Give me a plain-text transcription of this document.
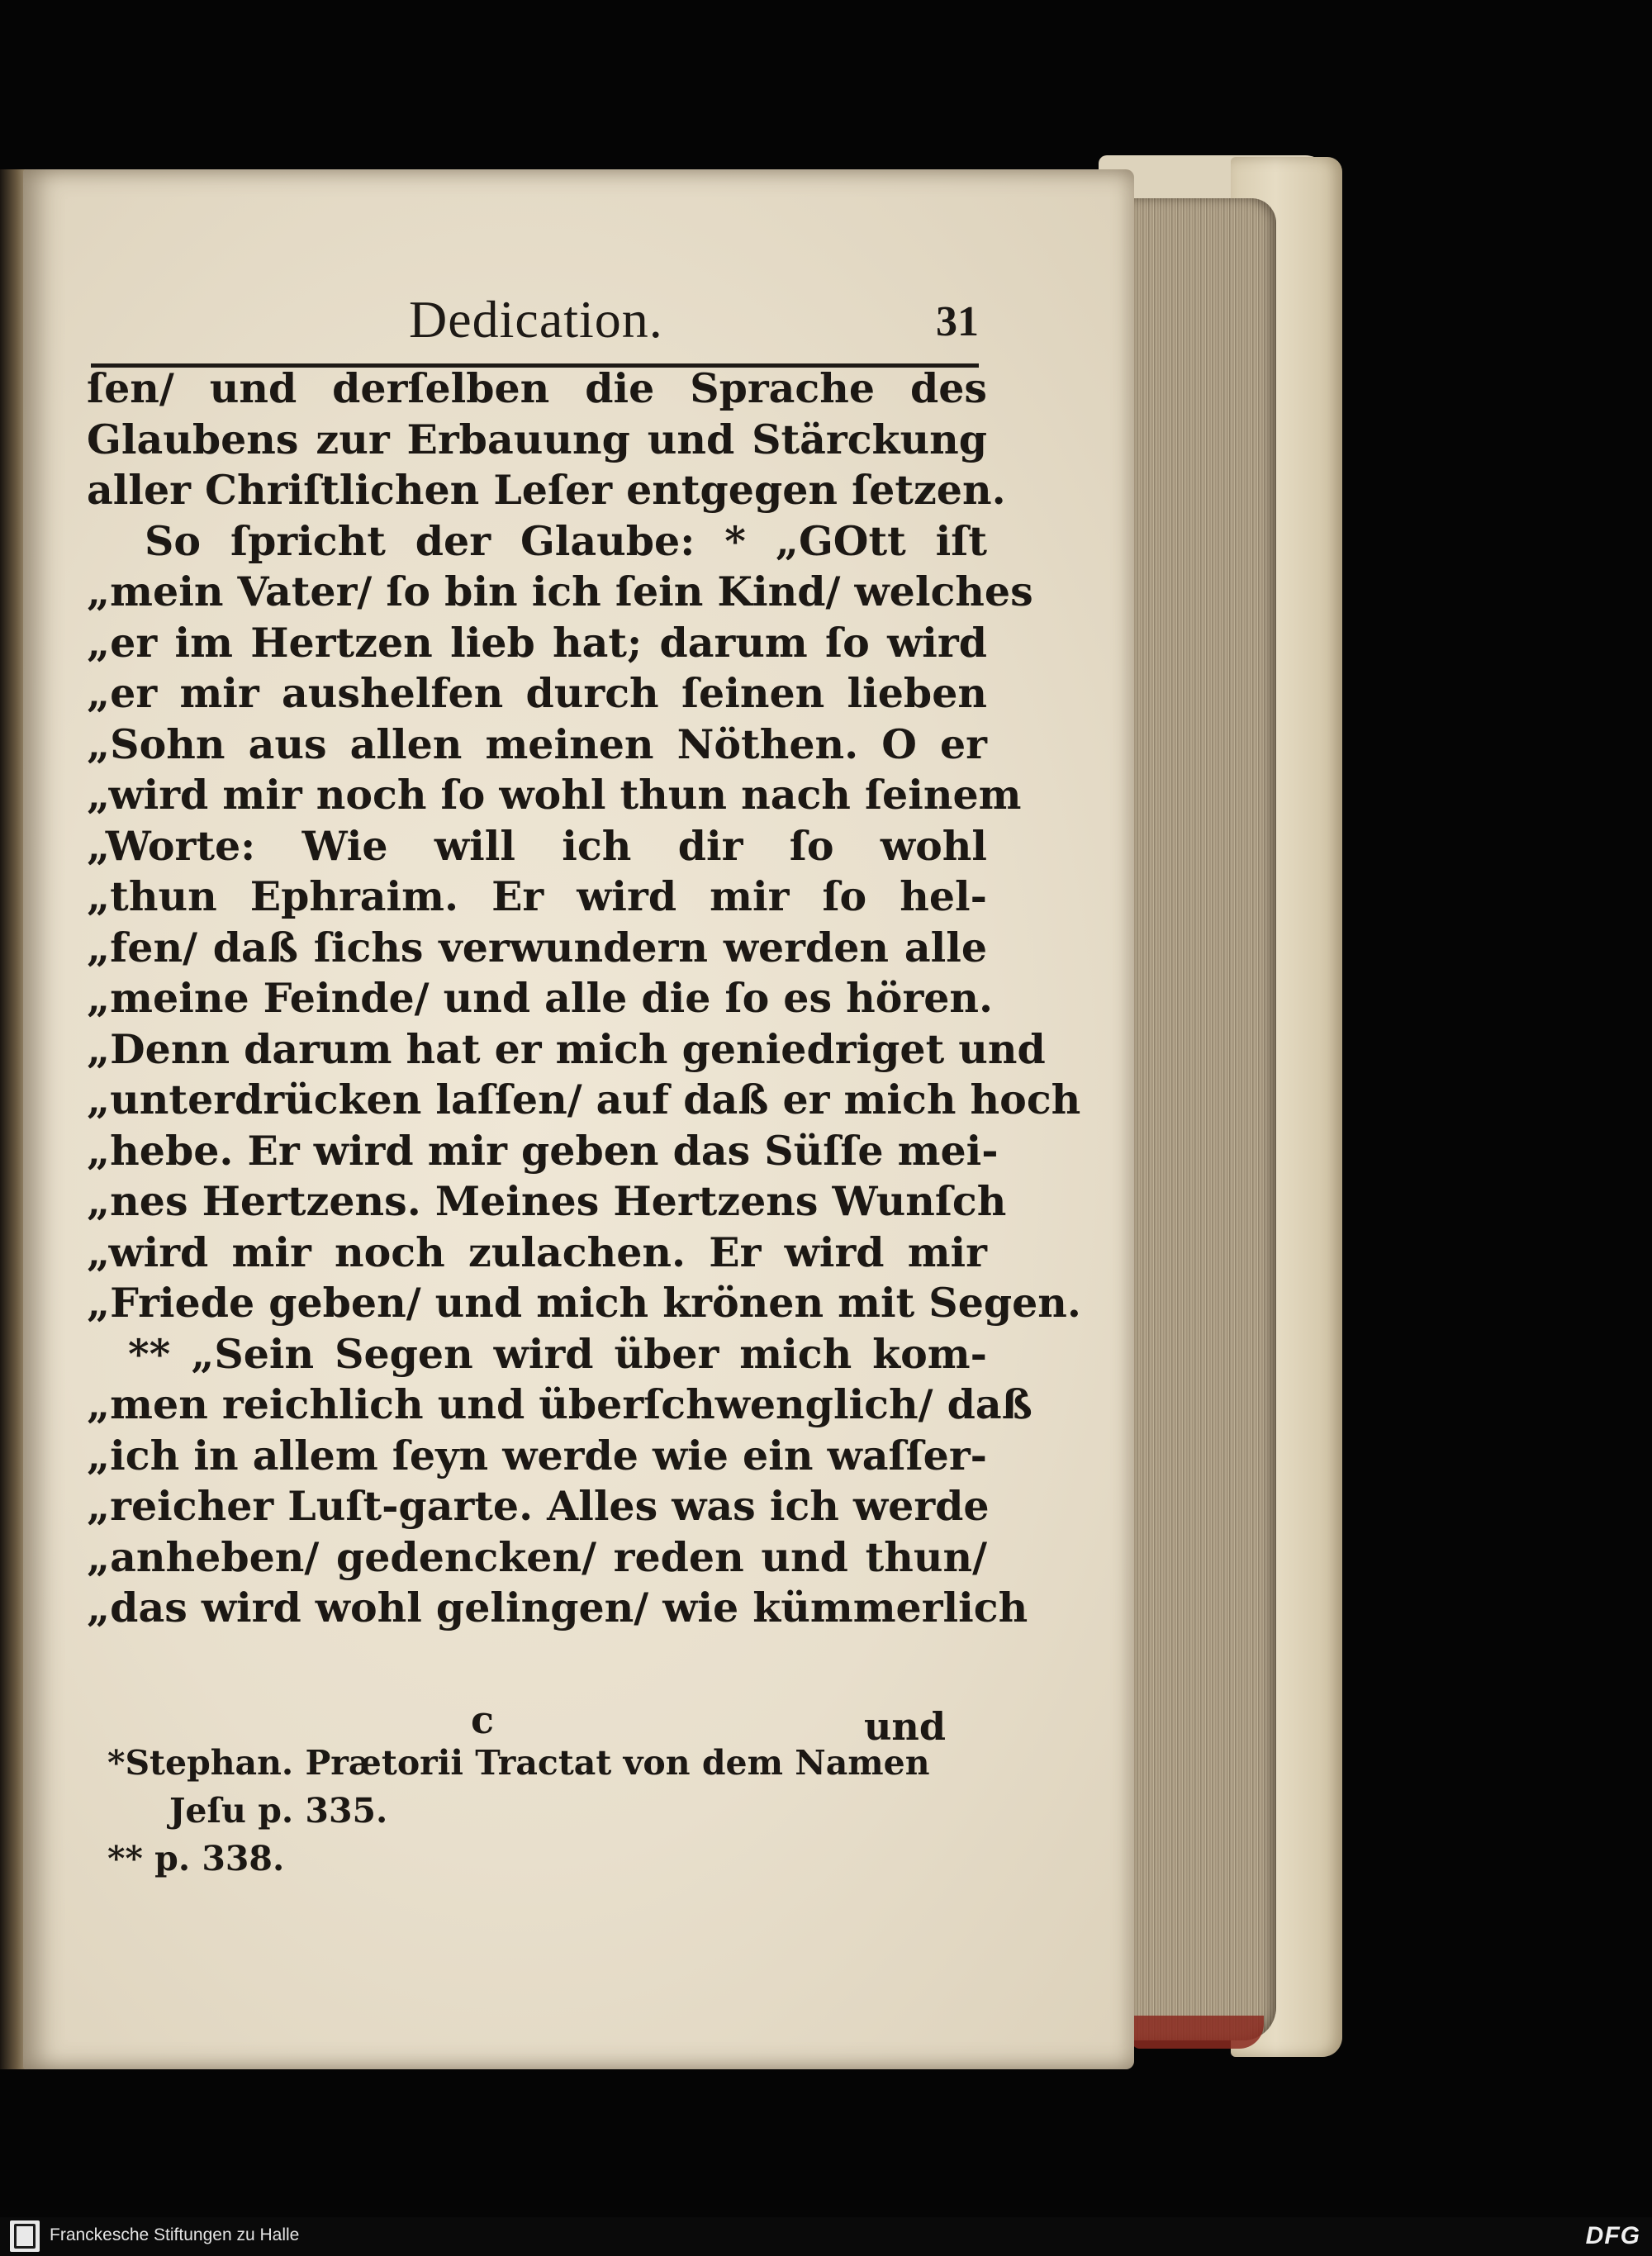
Dedication.	31
ſen/ und derſelben die Sprache des
Glaubens zur Erbauung und Stärckung
aller Chriſtlichen Leſer entgegen ſetzen.
So ſpricht der Glaube: * „GOtt iſt
„mein Vater/ ſo bin ich ſein Kind/ welches
„er im Hertzen lieb hat; darum ſo wird
„er mir aushelfen durch ſeinen lieben
„Sohn aus allen meinen Nöthen. O er
„wird mir noch ſo wohl thun nach ſeinem
„Worte: Wie will ich dir ſo wohl
„thun Ephraim. Er wird mir ſo hel-
„fen/ daß ſichs verwundern werden alle
„meine Feinde/ und alle die ſo es hören.
„Denn darum hat er mich geniedriget und
„unterdrücken laſſen/ auf daß er mich hoch
„hebe. Er wird mir geben das Süſſe mei-
„nes Hertzens. Meines Hertzens Wunſch
„wird mir noch zulachen. Er wird mir
„Friede geben/ und mich krönen mit Segen.
** „Sein Segen wird über mich kom-
„men reichlich und überſchwenglich/ daß
„ich in allem ſeyn werde wie ein waſſer-
„reicher Luſt-garte. Alles was ich werde
„anheben/ gedencken/ reden und thun/
„das wird wohl gelingen/ wie kümmerlich
c	und
*Stephan. Prætorii Tractat von dem Namen
Jeſu p. 335.
** p. 338.
Franckesche Stiftungen zu Halle	DFG
